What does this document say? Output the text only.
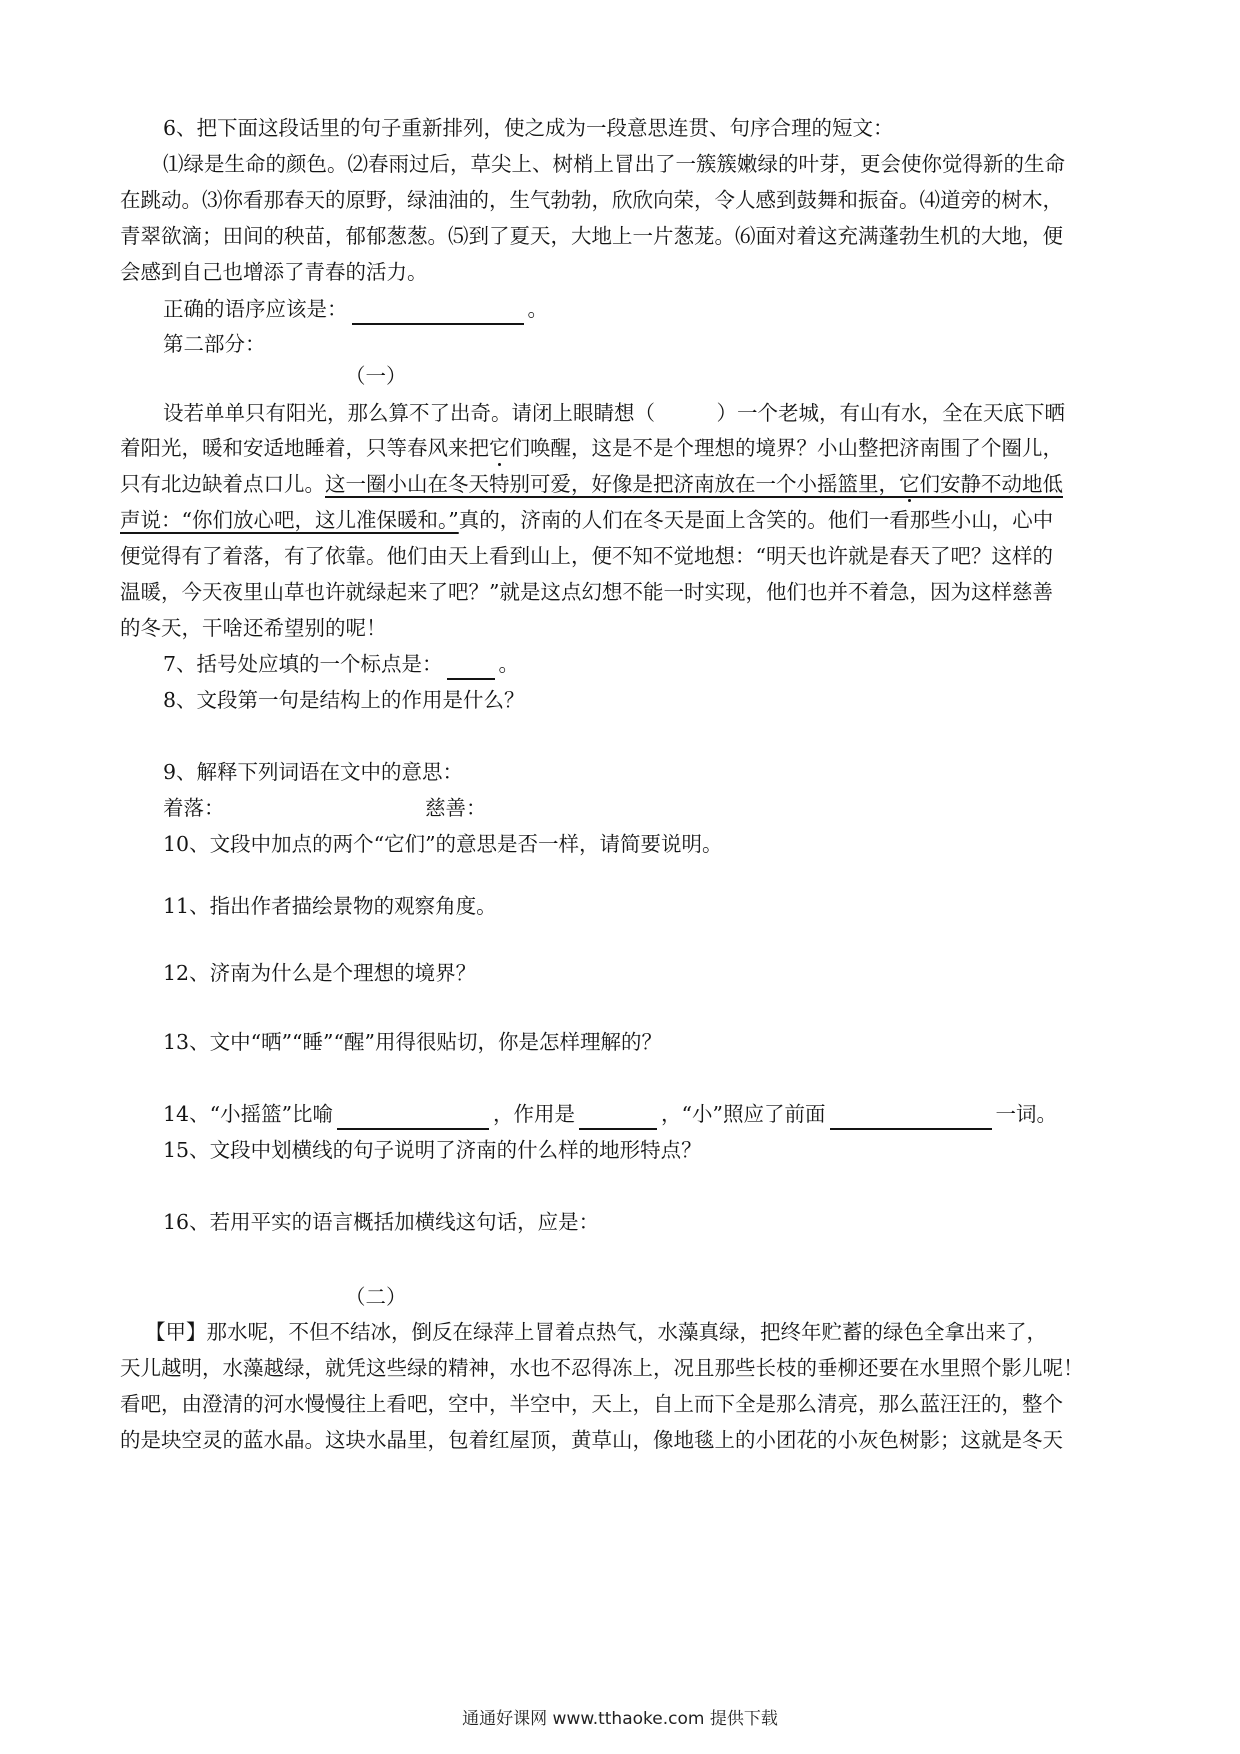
6、把下面这段话里的句子重新排列，使之成为一段意思连贯、句序合理的短文：
⑴绿是生命的颜色。⑵春雨过后，草尖上、树梢上冒出了一簇簇嫩绿的叶芽，更会使你觉得新的生命
在跳动。⑶你看那春天的原野，绿油油的，生气勃勃，欣欣向荣，令人感到鼓舞和振奋。⑷道旁的树木，
青翠欲滴；田间的秧苗，郁郁葱葱。⑸到了夏天，大地上一片葱茏。⑹面对着这充满蓬勃生机的大地，便
会感到自己也增添了青春的活力。
正确的语序应该是：	。
第二部分：
（一）
设若单单只有阳光，那么算不了出奇。请闭上眼睛想（　　　）一个老城，有山有水，全在天底下晒
着阳光，暖和安适地睡着，只等春风来把它们唤醒，这是不是个理想的境界？小山整把济南围了个圈儿，
只有北边缺着点口儿。这一圈小山在冬天特别可爱，好像是把济南放在一个小摇篮里，它们安静不动地低
声说：“你们放心吧，这儿准保暖和。”真的，济南的人们在冬天是面上含笑的。他们一看那些小山，心中
便觉得有了着落，有了依靠。他们由天上看到山上，便不知不觉地想：“明天也许就是春天了吧？这样的
温暖，今天夜里山草也许就绿起来了吧？”就是这点幻想不能一时实现，他们也并不着急，因为这样慈善
的冬天，干啥还希望别的呢！
7、括号处应填的一个标点是：	。
8、文段第一句是结构上的作用是什么？
9、解释下列词语在文中的意思：
着落：	慈善：
10、文段中加点的两个“它们”的意思是否一样，请简要说明。
11、指出作者描绘景物的观察角度。
12、济南为什么是个理想的境界？
13、文中“晒”“睡”“醒”用得很贴切，你是怎样理解的？
14、“小摇篮”比喻	，作用是	，“小”照应了前面	一词。
15、文段中划横线的句子说明了济南的什么样的地形特点？
16、若用平实的语言概括加横线这句话，应是：
（二）
【甲】那水呢，不但不结冰，倒反在绿萍上冒着点热气，水藻真绿，把终年贮蓄的绿色全拿出来了，
天儿越明，水藻越绿，就凭这些绿的精神，水也不忍得冻上，况且那些长枝的垂柳还要在水里照个影儿呢！
看吧，由澄清的河水慢慢往上看吧，空中，半空中，天上，自上而下全是那么清亮，那么蓝汪汪的，整个
的是块空灵的蓝水晶。这块水晶里，包着红屋顶，黄草山，像地毯上的小团花的小灰色树影；这就是冬天
通通好课网 www.tthaoke.com 提供下载
